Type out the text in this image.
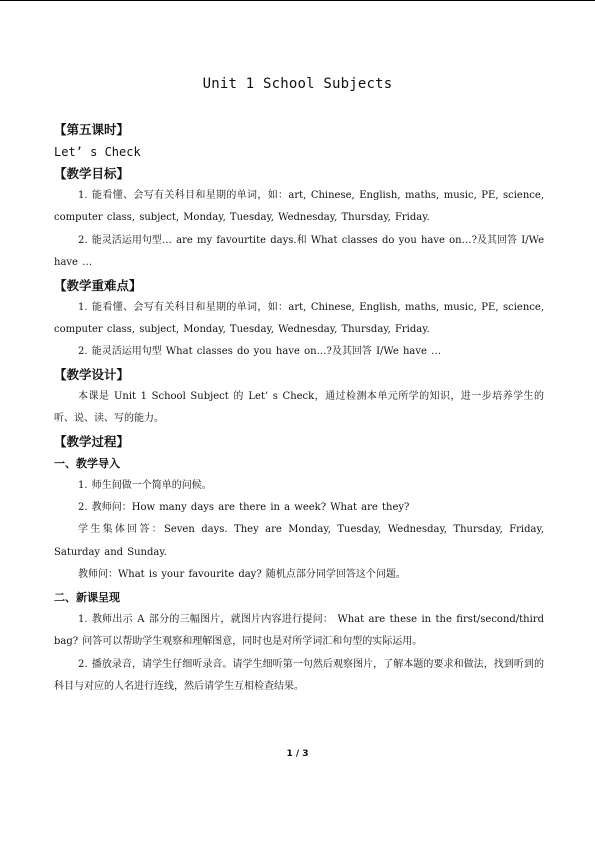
Unit 1 School Subjects
【第五课时】
Let’ s Check
【教学目标】
1. 能看懂、会写有关科目和星期的单词，如：art, Chinese, English, maths, music, PE, science, computer class, subject, Monday, Tuesday, Wednesday, Thursday, Friday.
2. 能灵活运用句型… are my favourtite days.和 What classes do you have on…?及其回答 I/We have …
【教学重难点】
1. 能看懂、会写有关科目和星期的单词，如：art, Chinese, English, maths, music, PE, science, computer class, subject, Monday, Tuesday, Wednesday, Thursday, Friday.
2. 能灵活运用句型 What classes do you have on…?及其回答 I/We have …
【教学设计】
本课是 Unit 1 School Subject 的 Let’ s Check，通过检测本单元所学的知识，进一步培养学生的听、说、读、写的能力。
【教学过程】
一、教学导入
1. 师生间做一个简单的问候。
2. 教师问：How many days are there in a week? What are they?
学生集体回答：Seven days. They are Monday, Tuesday, Wednesday, Thursday, Friday, Saturday and Sunday.
教师问：What is your favourite day? 随机点部分同学回答这个问题。
二、新课呈现
1. 教师出示 A 部分的三幅图片，就图片内容进行提问： What are these in the first/second/third bag? 问答可以帮助学生观察和理解图意，同时也是对所学词汇和句型的实际运用。
2. 播放录音，请学生仔细听录音。请学生细听第一句然后观察图片，了解本题的要求和做法，找到听到的科目与对应的人名进行连线，然后请学生互相检查结果。
1 / 3
